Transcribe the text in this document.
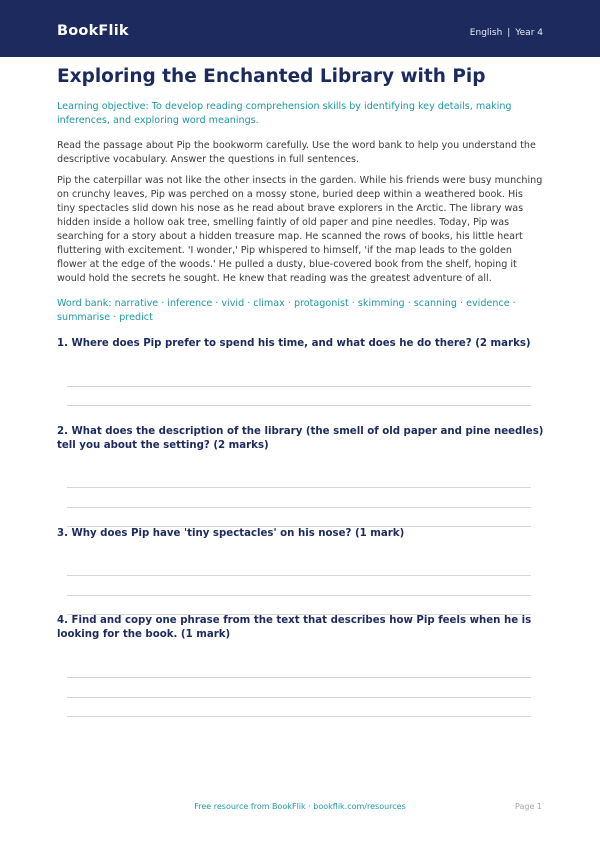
BookFlik	English | Year 4
Exploring the Enchanted Library with Pip

Learning objective: To develop reading comprehension skills by identifying key details, making inferences, and exploring word meanings.

Read the passage about Pip the bookworm carefully. Use the word bank to help you understand the descriptive vocabulary. Answer the questions in full sentences.

Pip the caterpillar was not like the other insects in the garden. While his friends were busy munching on crunchy leaves, Pip was perched on a mossy stone, buried deep within a weathered book. His tiny spectacles slid down his nose as he read about brave explorers in the Arctic. The library was hidden inside a hollow oak tree, smelling faintly of old paper and pine needles. Today, Pip was searching for a story about a hidden treasure map. He scanned the rows of books, his little heart fluttering with excitement. 'I wonder,' Pip whispered to himself, 'if the map leads to the golden flower at the edge of the woods.' He pulled a dusty, blue-covered book from the shelf, hoping it would hold the secrets he sought. He knew that reading was the greatest adventure of all.

Word bank: narrative · inference · vivid · climax · protagonist · skimming · scanning · evidence · summarise · predict

1. Where does Pip prefer to spend his time, and what does he do there? (2 marks)
2. What does the description of the library (the smell of old paper and pine needles) tell you about the setting? (2 marks)
3. Why does Pip have 'tiny spectacles' on his nose? (1 mark)
4. Find and copy one phrase from the text that describes how Pip feels when he is looking for the book. (1 mark)
Free resource from BookFlik · bookflik.com/resources	Page 1
